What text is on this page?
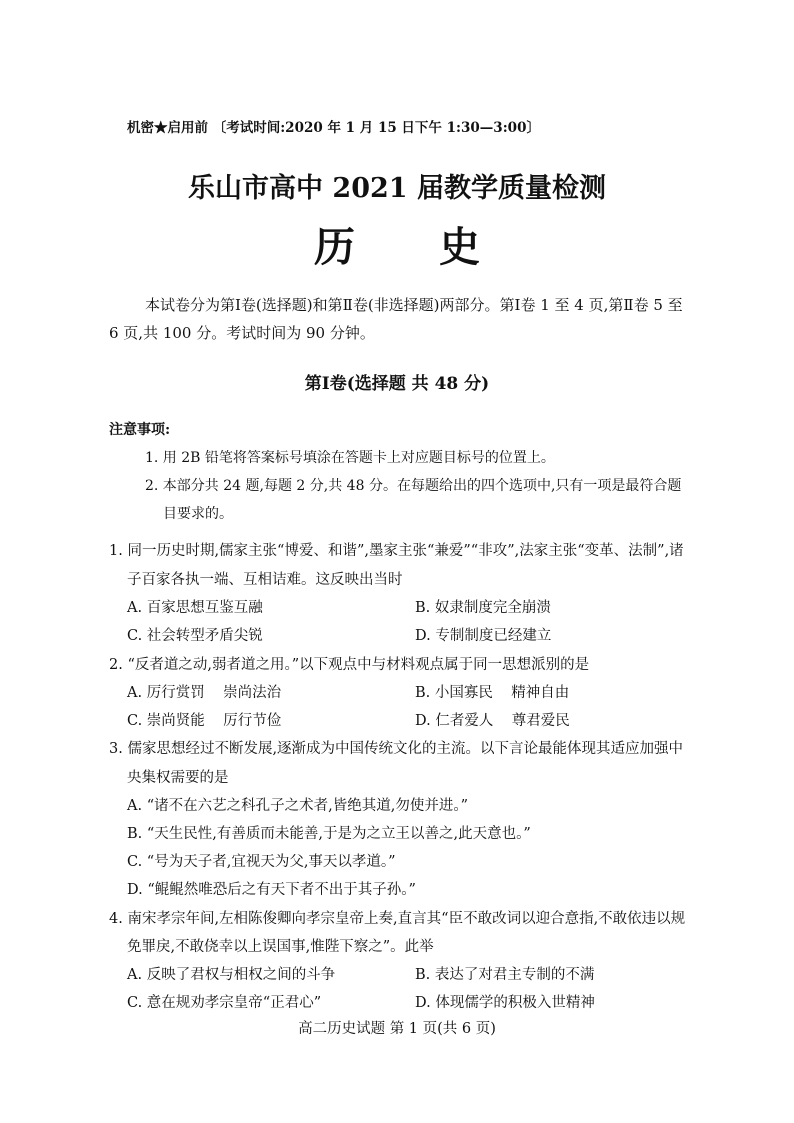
机密★启用前 〔考试时间:2020 年 1 月 15 日下午 1:30—3:00〕
乐山市高中 2021 届教学质量检测
历 史
本试卷分为第Ⅰ卷(选择题)和第Ⅱ卷(非选择题)两部分。第Ⅰ卷 1 至 4 页,第Ⅱ卷 5 至
6 页,共 100 分。考试时间为 90 分钟。
第Ⅰ卷(选择题 共 48 分)
注意事项:
1. 用 2B 铅笔将答案标号填涂在答题卡上对应题目标号的位置上。
2. 本部分共 24 题,每题 2 分,共 48 分。在每题给出的四个选项中,只有一项是最符合题
目要求的。
1. 同一历史时期,儒家主张“博爱、和谐”,墨家主张“兼爱”“非攻”,法家主张“变革、法制”,诸
子百家各执一端、互相诘难。这反映出当时
A. 百家思想互鉴互融	B. 奴隶制度完全崩溃
C. 社会转型矛盾尖锐	D. 专制制度已经建立
2. “反者道之动,弱者道之用。”以下观点中与材料观点属于同一思想派别的是
A. 厉行赏罚    崇尚法治	B. 小国寡民    精神自由
C. 崇尚贤能    厉行节俭	D. 仁者爱人    尊君爱民
3. 儒家思想经过不断发展,逐渐成为中国传统文化的主流。以下言论最能体现其适应加强中
央集权需要的是
A. “诸不在六艺之科孔子之术者,皆绝其道,勿使并进。”
B. “天生民性,有善质而未能善,于是为之立王以善之,此天意也。”
C. “号为天子者,宜视天为父,事天以孝道。”
D. “鲲鲲然唯恐后之有天下者不出于其子孙。”
4. 南宋孝宗年间,左相陈俊卿向孝宗皇帝上奏,直言其“臣不敢改词以迎合意指,不敢依违以规
免罪戾,不敢侥幸以上误国事,惟陛下察之”。此举
A. 反映了君权与相权之间的斗争	B. 表达了对君主专制的不满
C. 意在规劝孝宗皇帝“正君心”	D. 体现儒学的积极入世精神
高二历史试题 第 1 页(共 6 页)
